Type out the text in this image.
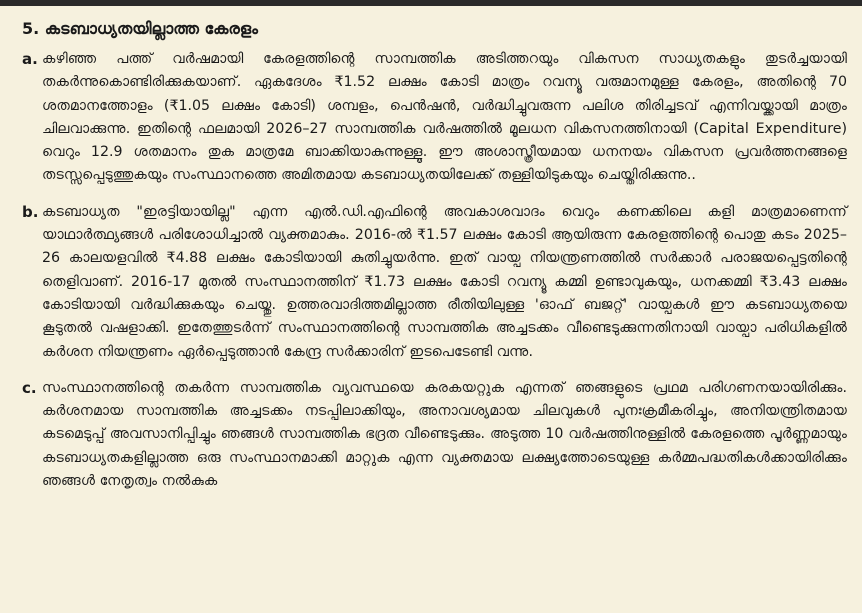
5. കടബാധ്യതയില്ലാത്ത കേരളം
a. കഴിഞ്ഞ പത്ത് വർഷമായി കേരളത്തിന്റെ സാമ്പത്തിക അടിത്തറയും വികസന സാധ്യതകളും തുടർച്ചയായി തകർന്നുകൊണ്ടിരിക്കുകയാണ്. ഏകദേശം ₹1.52 ലക്ഷം കോടി മാത്രം റവന്യൂ വരുമാനമുള്ള കേരളം, അതിന്റെ 70 ശതമാനത്തോളം (₹1.05 ലക്ഷം കോടി) ശമ്പളം, പെൻഷൻ, വർദ്ധിച്ചുവരുന്ന പലിശ തിരിച്ചടവ് എന്നിവയ്ക്കായി മാത്രം ചിലവാക്കുന്നു. ഇതിന്റെ ഫലമായി 2026–27 സാമ്പത്തിക വർഷത്തിൽ മൂലധന വികസനത്തിനായി (Capital Expenditure) വെറും 12.9 ശതമാനം തുക മാത്രമേ ബാക്കിയാകുന്നുള്ളൂ. ഈ അശാസ്ത്രീയമായ ധനനയം വികസന പ്രവർത്തനങ്ങളെ തടസ്സപ്പെടുത്തുകയും സംസ്ഥാനത്തെ അമിതമായ കടബാധ്യതയിലേക്ക് തള്ളിയിടുകയും ചെയ്തിരിക്കുന്നു..
b. കടബാധ്യത "ഇരട്ടിയായില്ല" എന്ന എൽ.ഡി.എഫിന്റെ അവകാശവാദം വെറും കണക്കിലെ കളി മാത്രമാണെന്ന് യാഥാർത്ഥ്യങ്ങൾ പരിശോധിച്ചാൽ വ്യക്തമാകും. 2016-ൽ ₹1.57 ലക്ഷം കോടി ആയിരുന്ന കേരളത്തിന്റെ പൊതു കടം 2025–26 കാലയളവിൽ ₹4.88 ലക്ഷം കോടിയായി കുതിച്ചുയർന്നു. ഇത് വായ്പ നിയന്ത്രണത്തിൽ സർക്കാർ പരാജയപ്പെട്ടതിന്റെ തെളിവാണ്. 2016-17 മുതൽ സംസ്ഥാനത്തിന് ₹1.73 ലക്ഷം കോടി റവന്യൂ കമ്മി ഉണ്ടാവുകയും, ധനക്കമ്മി ₹3.43 ലക്ഷം കോടിയായി വർദ്ധിക്കുകയും ചെയ്തു. ഉത്തരവാദിത്തമില്ലാത്ത രീതിയിലുള്ള 'ഓഫ് ബജറ്റ്' വായ്പകൾ ഈ കടബാധ്യതയെ കൂടുതൽ വഷളാക്കി. ഇതേത്തുടർന്ന് സംസ്ഥാനത്തിന്റെ സാമ്പത്തിക അച്ചടക്കം വീണ്ടെടുക്കുന്നതിനായി വായ്പാ പരിധികളിൽ കർശന നിയന്ത്രണം ഏർപ്പെടുത്താൻ കേന്ദ്ര സർക്കാരിന് ഇടപെടേണ്ടി വന്നു.
c. സംസ്ഥാനത്തിന്റെ തകർന്ന സാമ്പത്തിക വ്യവസ്ഥയെ കരകയറ്റുക എന്നത് ഞങ്ങളുടെ പ്രഥമ പരിഗണനയായിരിക്കും. കർശനമായ സാമ്പത്തിക അച്ചടക്കം നടപ്പിലാക്കിയും, അനാവശ്യമായ ചിലവുകൾ പുനഃക്രമീകരിച്ചും, അനിയന്ത്രിതമായ കടമെടുപ്പ് അവസാനിപ്പിച്ചും ഞങ്ങൾ സാമ്പത്തിക ഭദ്രത വീണ്ടെടുക്കും. അടുത്ത 10 വർഷത്തിനുള്ളിൽ കേരളത്തെ പൂർണ്ണമായും കടബാധ്യതകളില്ലാത്ത ഒരു സംസ്ഥാനമാക്കി മാറ്റുക എന്ന വ്യക്തമായ ലക്ഷ്യത്തോടെയുള്ള കർമ്മപദ്ധതികൾക്കായിരിക്കും ഞങ്ങൾ നേതൃത്വം നൽകുക
